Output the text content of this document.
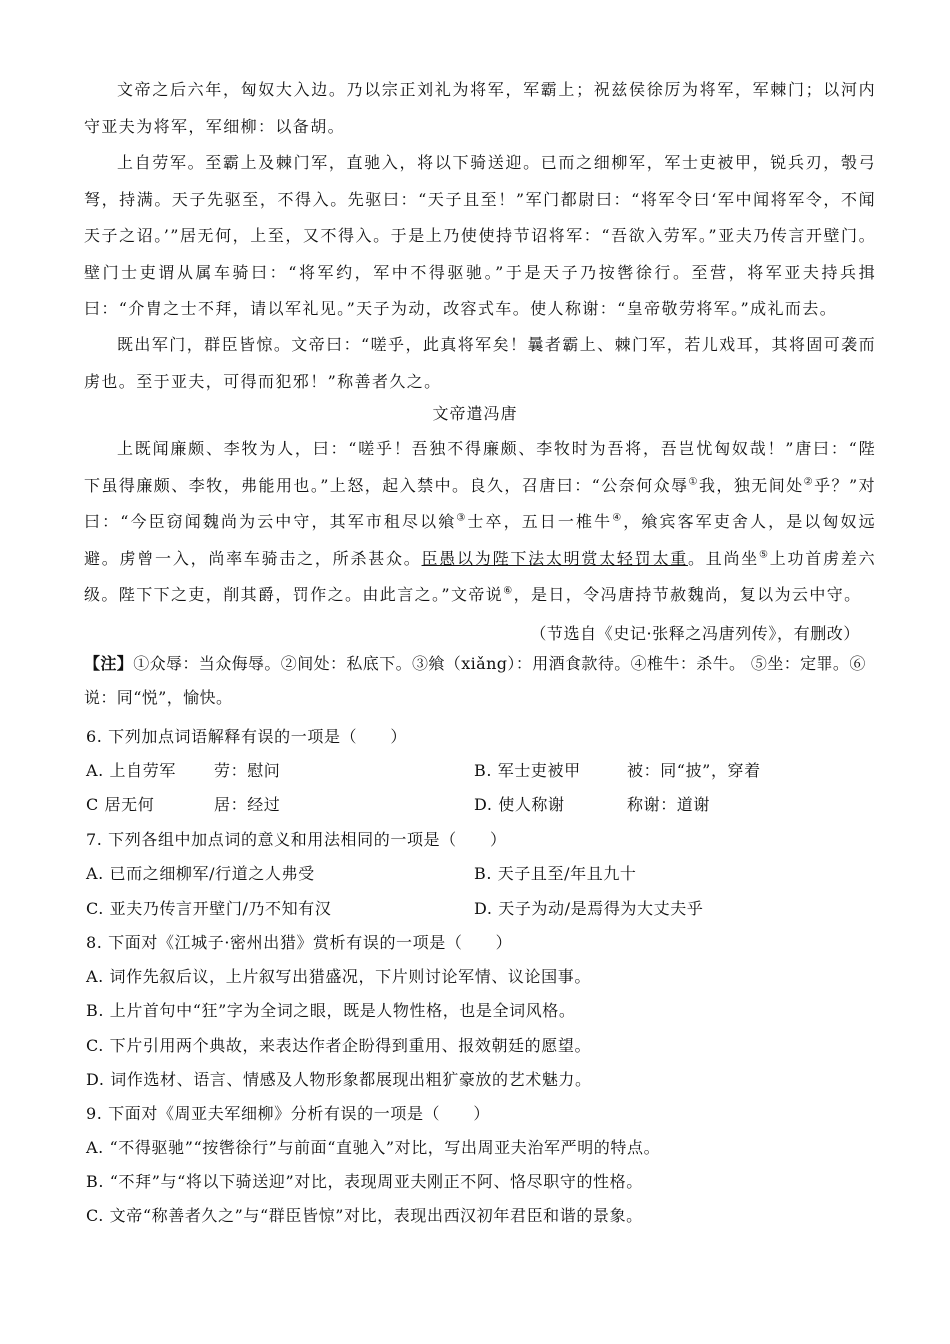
文帝之后六年，匈奴大入边。乃以宗正刘礼为将军，军霸上；祝兹侯徐厉为将军，军棘门；以河内守亚夫为将军，军细柳：以备胡。
上自劳军。至霸上及棘门军，直驰入，将以下骑送迎。已而之细柳军，军士吏被甲，锐兵刃，彀弓弩，持满。天子先驱至，不得入。先驱曰：“天子且至！”军门都尉曰：“将军令曰‘军中闻将军令，不闻天子之诏。’”居无何，上至，又不得入。于是上乃使使持节诏将军：“吾欲入劳军。”亚夫乃传言开壁门。壁门士吏谓从属车骑曰：“将军约，军中不得驱驰。”于是天子乃按辔徐行。至营，将军亚夫持兵揖曰：“介胄之士不拜，请以军礼见。”天子为动，改容式车。使人称谢：“皇帝敬劳将军。”成礼而去。
既出军门，群臣皆惊。文帝曰：“嗟乎，此真将军矣！曩者霸上、棘门军，若儿戏耳，其将固可袭而虏也。至于亚夫，可得而犯邪！”称善者久之。
文帝遣冯唐
上既闻廉颇、李牧为人，曰：“嗟乎！吾独不得廉颇、李牧时为吾将，吾岂忧匈奴哉！”唐曰：“陛下虽得廉颇、李牧，弗能用也。”上怒，起入禁中。良久，召唐曰：“公奈何众辱①我，独无间处②乎？”对曰：“今臣窃闻魏尚为云中守，其军市租尽以飨③士卒，五日一椎牛④，飨宾客军吏舍人，是以匈奴远避。虏曾一入，尚率车骑击之，所杀甚众。臣愚以为陛下法太明赏太轻罚太重。且尚坐⑤上功首虏差六级。陛下下之吏，削其爵，罚作之。由此言之。”文帝说⑥，是日，令冯唐持节赦魏尚，复以为云中守。
（节选自《史记·张释之冯唐列传》，有删改）
【注】①众辱：当众侮辱。②间处：私底下。③飨（xiǎng）：用酒食款待。④椎牛：杀牛。 ⑤坐：定罪。⑥说：同“悦”，愉快。
6. 下列加点词语解释有误的一项是（　　）
A. 上自劳军 劳：慰问	B. 军士吏被甲	被：同“披”，穿着
C 居无何	居：经过	D. 使人称谢	称谢：道谢
7. 下列各组中加点词的意义和用法相同的一项是（　　）
A. 已而之细柳军/行道之人弗受	B. 天子且至/年且九十
C. 亚夫乃传言开壁门/乃不知有汉	D. 天子为动/是焉得为大丈夫乎
8. 下面对《江城子·密州出猎》赏析有误的一项是（　　）
A. 词作先叙后议，上片叙写出猎盛况，下片则讨论军情、议论国事。
B. 上片首句中“狂”字为全词之眼，既是人物性格，也是全词风格。
C. 下片引用两个典故，来表达作者企盼得到重用、报效朝廷的愿望。
D. 词作选材、语言、情感及人物形象都展现出粗犷豪放的艺术魅力。
9. 下面对《周亚夫军细柳》分析有误的一项是（　　）
A. “不得驱驰”“按辔徐行”与前面“直驰入”对比，写出周亚夫治军严明的特点。
B. “不拜”与“将以下骑送迎”对比，表现周亚夫刚正不阿、恪尽职守的性格。
C. 文帝“称善者久之”与“群臣皆惊”对比，表现出西汉初年君臣和谐的景象。
